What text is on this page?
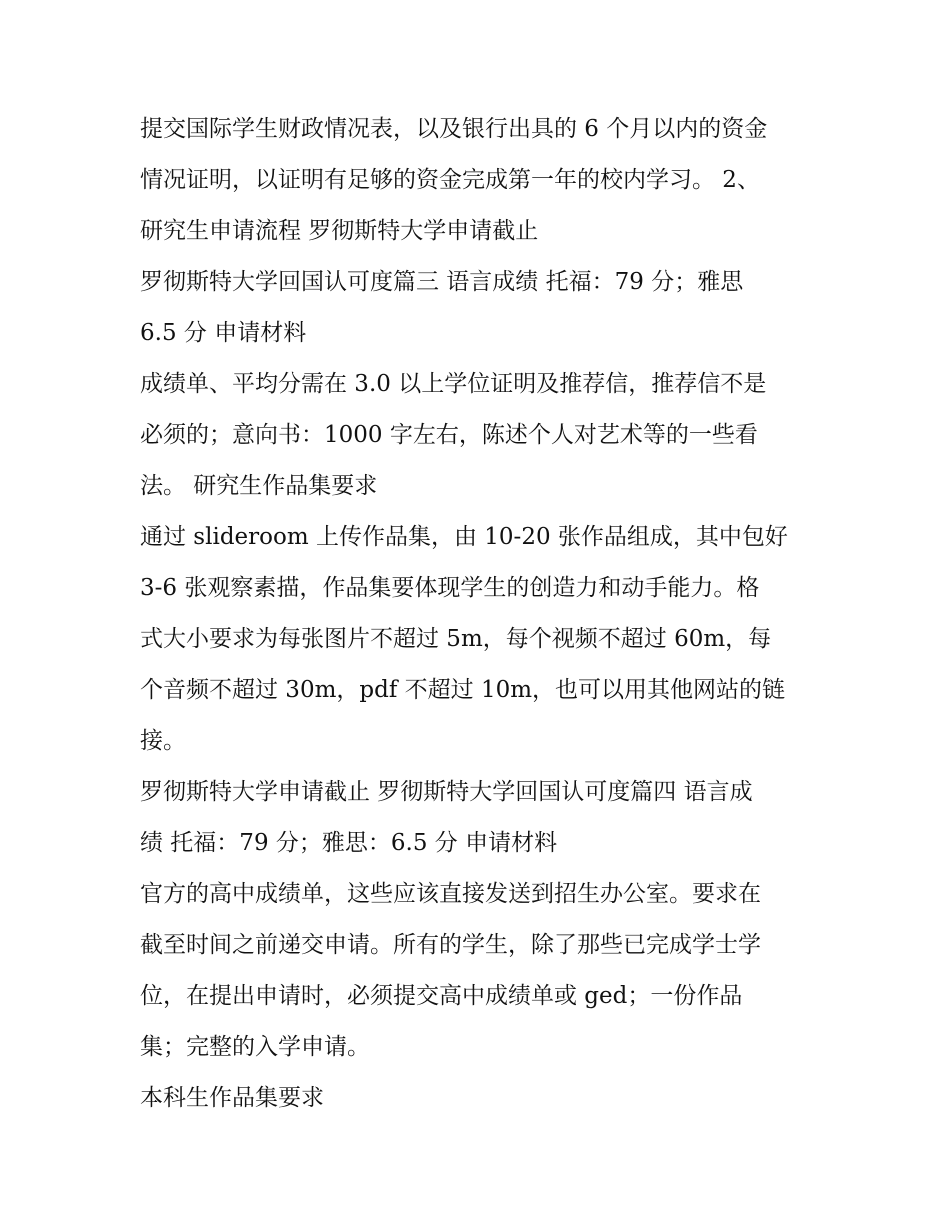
提交国际学生财政情况表，以及银行出具的 6 个月以内的资金
情况证明，以证明有足够的资金完成第一年的校内学习。 2、
研究生申请流程 罗彻斯特大学申请截止
罗彻斯特大学回国认可度篇三 语言成绩 托福：79 分；雅思
6.5 分 申请材料
成绩单、平均分需在 3.0 以上学位证明及推荐信，推荐信不是
必须的；意向书：1000 字左右，陈述个人对艺术等的一些看
法。 研究生作品集要求
通过 slideroom 上传作品集，由 10-20 张作品组成，其中包好
3-6 张观察素描，作品集要体现学生的创造力和动手能力。格
式大小要求为每张图片不超过 5m，每个视频不超过 60m，每
个音频不超过 30m，pdf 不超过 10m，也可以用其他网站的链
接。
罗彻斯特大学申请截止 罗彻斯特大学回国认可度篇四 语言成
绩 托福：79 分；雅思：6.5 分 申请材料
官方的高中成绩单，这些应该直接发送到招生办公室。要求在
截至时间之前递交申请。所有的学生，除了那些已完成学士学
位，在提出申请时，必须提交高中成绩单或 ged；一份作品
集；完整的入学申请。
本科生作品集要求
